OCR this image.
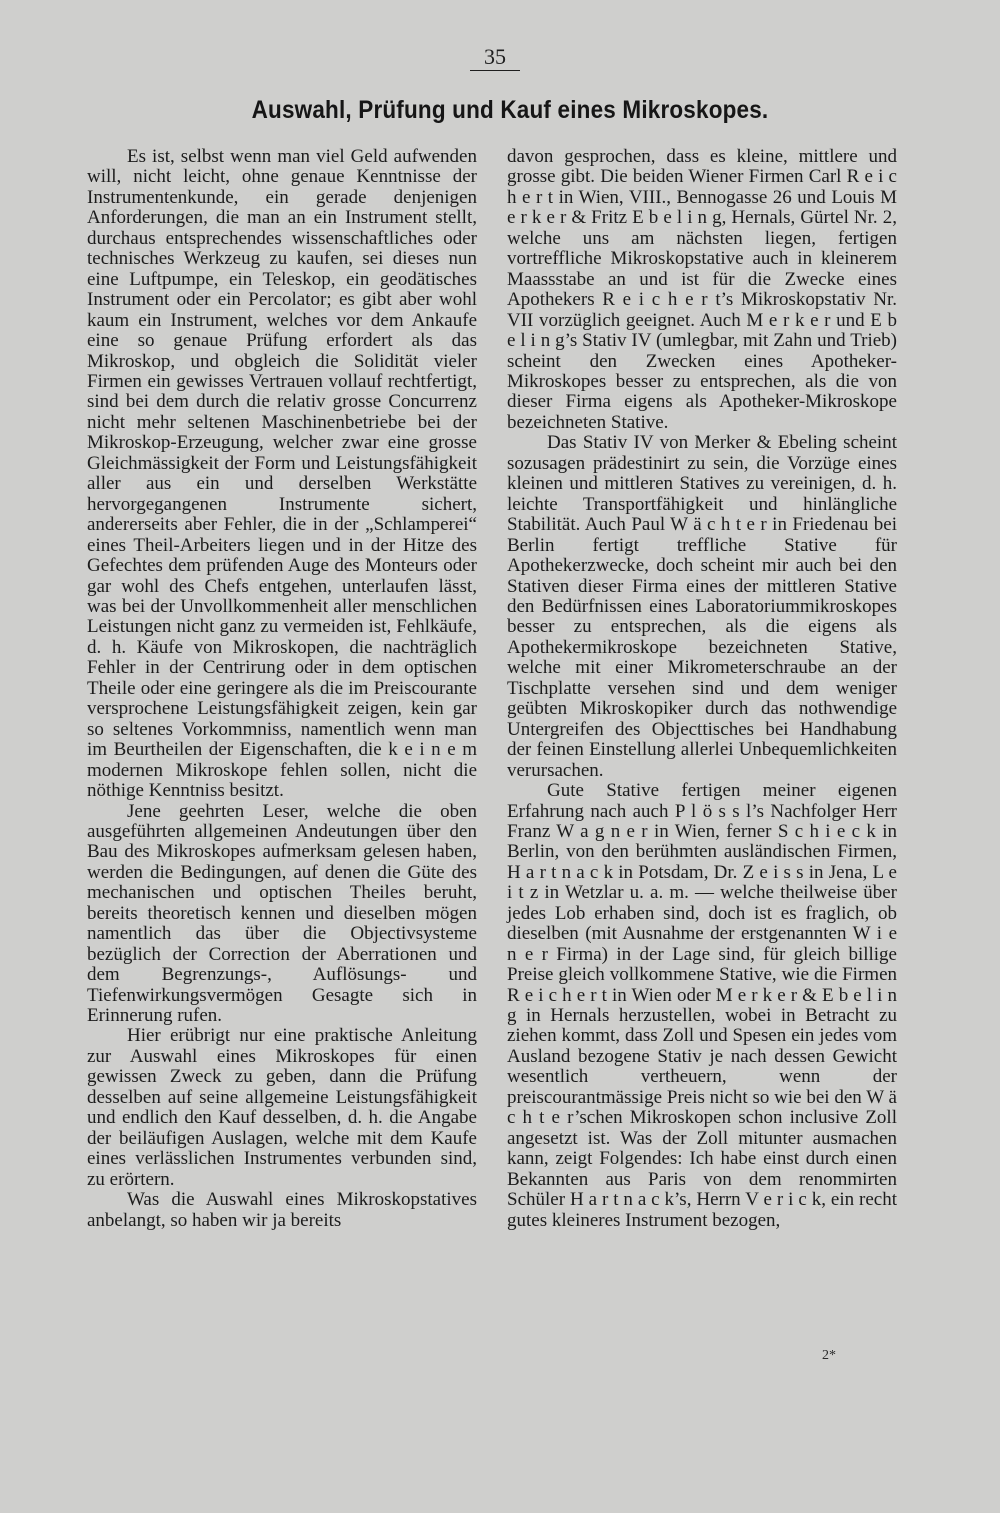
35
Auswahl, Prüfung und Kauf eines Mikroskopes.

Es ist, selbst wenn man viel Geld aufwenden will, nicht leicht, ohne genaue Kenntnisse der Instrumentenkunde, ein gerade denjenigen Anforderungen, die man an ein Instrument stellt, durchaus entsprechendes wissenschaftliches oder technisches Werkzeug zu kaufen, sei dieses nun eine Luftpumpe, ein Teleskop, ein geodätisches Instrument oder ein Percolator; es gibt aber wohl kaum ein Instrument, welches vor dem Ankaufe eine so genaue Prüfung erfordert als das Mikroskop, und obgleich die Solidität vieler Firmen ein gewisses Vertrauen vollauf rechtfertigt, sind bei dem durch die relativ grosse Concurrenz nicht mehr seltenen Maschinenbetriebe bei der Mikroskop-Erzeugung, welcher zwar eine grosse Gleichmässigkeit der Form und Leistungsfähigkeit aller aus ein und derselben Werkstätte hervorgegangenen Instrumente sichert, andererseits aber Fehler, die in der „Schlamperei“ eines Theil-Arbeiters liegen und in der Hitze des Gefechtes dem prüfenden Auge des Monteurs oder gar wohl des Chefs entgehen, unterlaufen lässt, was bei der Unvollkommenheit aller menschlichen Leistungen nicht ganz zu vermeiden ist, Fehlkäufe, d. h. Käufe von Mikroskopen, die nachträglich Fehler in der Centrirung oder in dem optischen Theile oder eine geringere als die im Preiscourante versprochene Leistungsfähigkeit zeigen, kein gar so seltenes Vorkommniss, namentlich wenn man im Beurtheilen der Eigenschaften, die k e i n e m modernen Mikroskope fehlen sollen, nicht die nöthige Kenntniss besitzt.

Jene geehrten Leser, welche die oben ausgeführten allgemeinen Andeutungen über den Bau des Mikroskopes aufmerksam gelesen haben, werden die Bedingungen, auf denen die Güte des mechanischen und optischen Theiles beruht, bereits theoretisch kennen und dieselben mögen namentlich das über die Objectivsysteme bezüglich der Correction der Aberrationen und dem Begrenzungs-, Auflösungs- und Tiefenwirkungsvermögen Gesagte sich in Erinnerung rufen.

Hier erübrigt nur eine praktische Anleitung zur Auswahl eines Mikroskopes für einen gewissen Zweck zu geben, dann die Prüfung desselben auf seine allgemeine Leistungsfähigkeit und endlich den Kauf desselben, d. h. die Angabe der beiläufigen Auslagen, welche mit dem Kaufe eines verlässlichen Instrumentes verbunden sind, zu erörtern.

Was die Auswahl eines Mikroskopstatives anbelangt, so haben wir ja bereits

davon gesprochen, dass es kleine, mittlere und grosse gibt. Die beiden Wiener Firmen Carl R e i c h e r t in Wien, VIII., Bennogasse 26 und Louis M e r k e r & Fritz E b e l i n g, Hernals, Gürtel Nr. 2, welche uns am nächsten liegen, fertigen vortreffliche Mikroskopstative auch in kleinerem Maassstabe an und ist für die Zwecke eines Apothekers R e i c h e r t’s Mikroskopstativ Nr. VII vorzüglich geeignet. Auch M e r k e r und E b e l i n g’s Stativ IV (umlegbar, mit Zahn und Trieb) scheint den Zwecken eines Apotheker-Mikroskopes besser zu entsprechen, als die von dieser Firma eigens als Apotheker-Mikroskope bezeichneten Stative.

Das Stativ IV von Merker & Ebeling scheint sozusagen prädestinirt zu sein, die Vorzüge eines kleinen und mittleren Statives zu vereinigen, d. h. leichte Transportfähigkeit und hinlängliche Stabilität. Auch Paul W ä c h t e r in Friedenau bei Berlin fertigt treffliche Stative für Apothekerzwecke, doch scheint mir auch bei den Stativen dieser Firma eines der mittleren Stative den Bedürfnissen eines Laboratoriummikroskopes besser zu entsprechen, als die eigens als Apothekermikroskope bezeichneten Stative, welche mit einer Mikrometerschraube an der Tischplatte versehen sind und dem weniger geübten Mikroskopiker durch das nothwendige Untergreifen des Objecttisches bei Handhabung der feinen Einstellung allerlei Unbequemlichkeiten verursachen.

Gute Stative fertigen meiner eigenen Erfahrung nach auch P l ö s s l’s Nachfolger Herr Franz W a g n e r in Wien, ferner S c h i e c k in Berlin, von den berühmten ausländischen Firmen, H a r t n a c k in Potsdam, Dr. Z e i s s in Jena, L e i t z in Wetzlar u. a. m. — welche theilweise über jedes Lob erhaben sind, doch ist es fraglich, ob dieselben (mit Ausnahme der erstgenannten W i e n e r Firma) in der Lage sind, für gleich billige Preise gleich vollkommene Stative, wie die Firmen R e i c h e r t in Wien oder M e r k e r & E b e l i n g in Hernals herzustellen, wobei in Betracht zu ziehen kommt, dass Zoll und Spesen ein jedes vom Ausland bezogene Stativ je nach dessen Gewicht wesentlich vertheuern, wenn der preiscourantmässige Preis nicht so wie bei den W ä c h t e r’schen Mikroskopen schon inclusive Zoll angesetzt ist. Was der Zoll mitunter ausmachen kann, zeigt Folgendes: Ich habe einst durch einen Bekannten aus Paris von dem renommirten Schüler H a r t n a c k’s, Herrn V e r i c k, ein recht gutes kleineres Instrument bezogen,

2*
